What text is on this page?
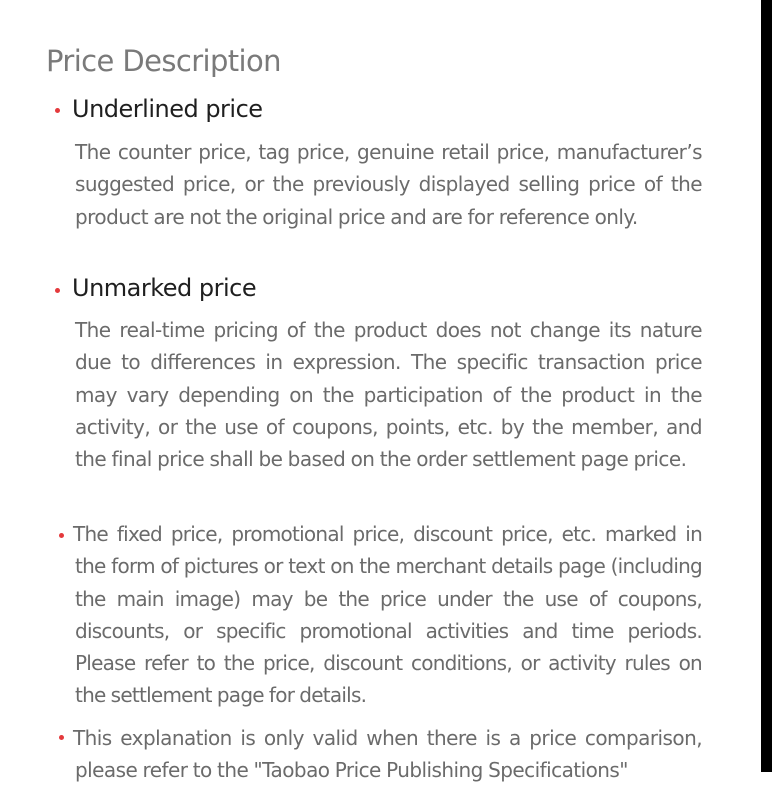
Price Description
Underlined price

The counter price, tag price, genuine retail price, manufacturer’s suggested price, or the previously displayed selling price of the product are not the original price and are for reference only.

Unmarked price

The real-time pricing of the product does not change its nature due to differences in expression. The specific transaction price may vary depending on the participation of the product in the activity, or the use of coupons, points, etc. by the member, and the final price shall be based on the order settlement page price.

The fixed price, promotional price, discount price, etc. marked in the form of pictures or text on the merchant details page (including the main image) may be the price under the use of coupons, discounts, or specific promotional activities and time periods. Please refer to the price, discount conditions, or activity rules on the settlement page for details.

This explanation is only valid when there is a price comparison, please refer to the "Taobao Price Publishing Specifications"
